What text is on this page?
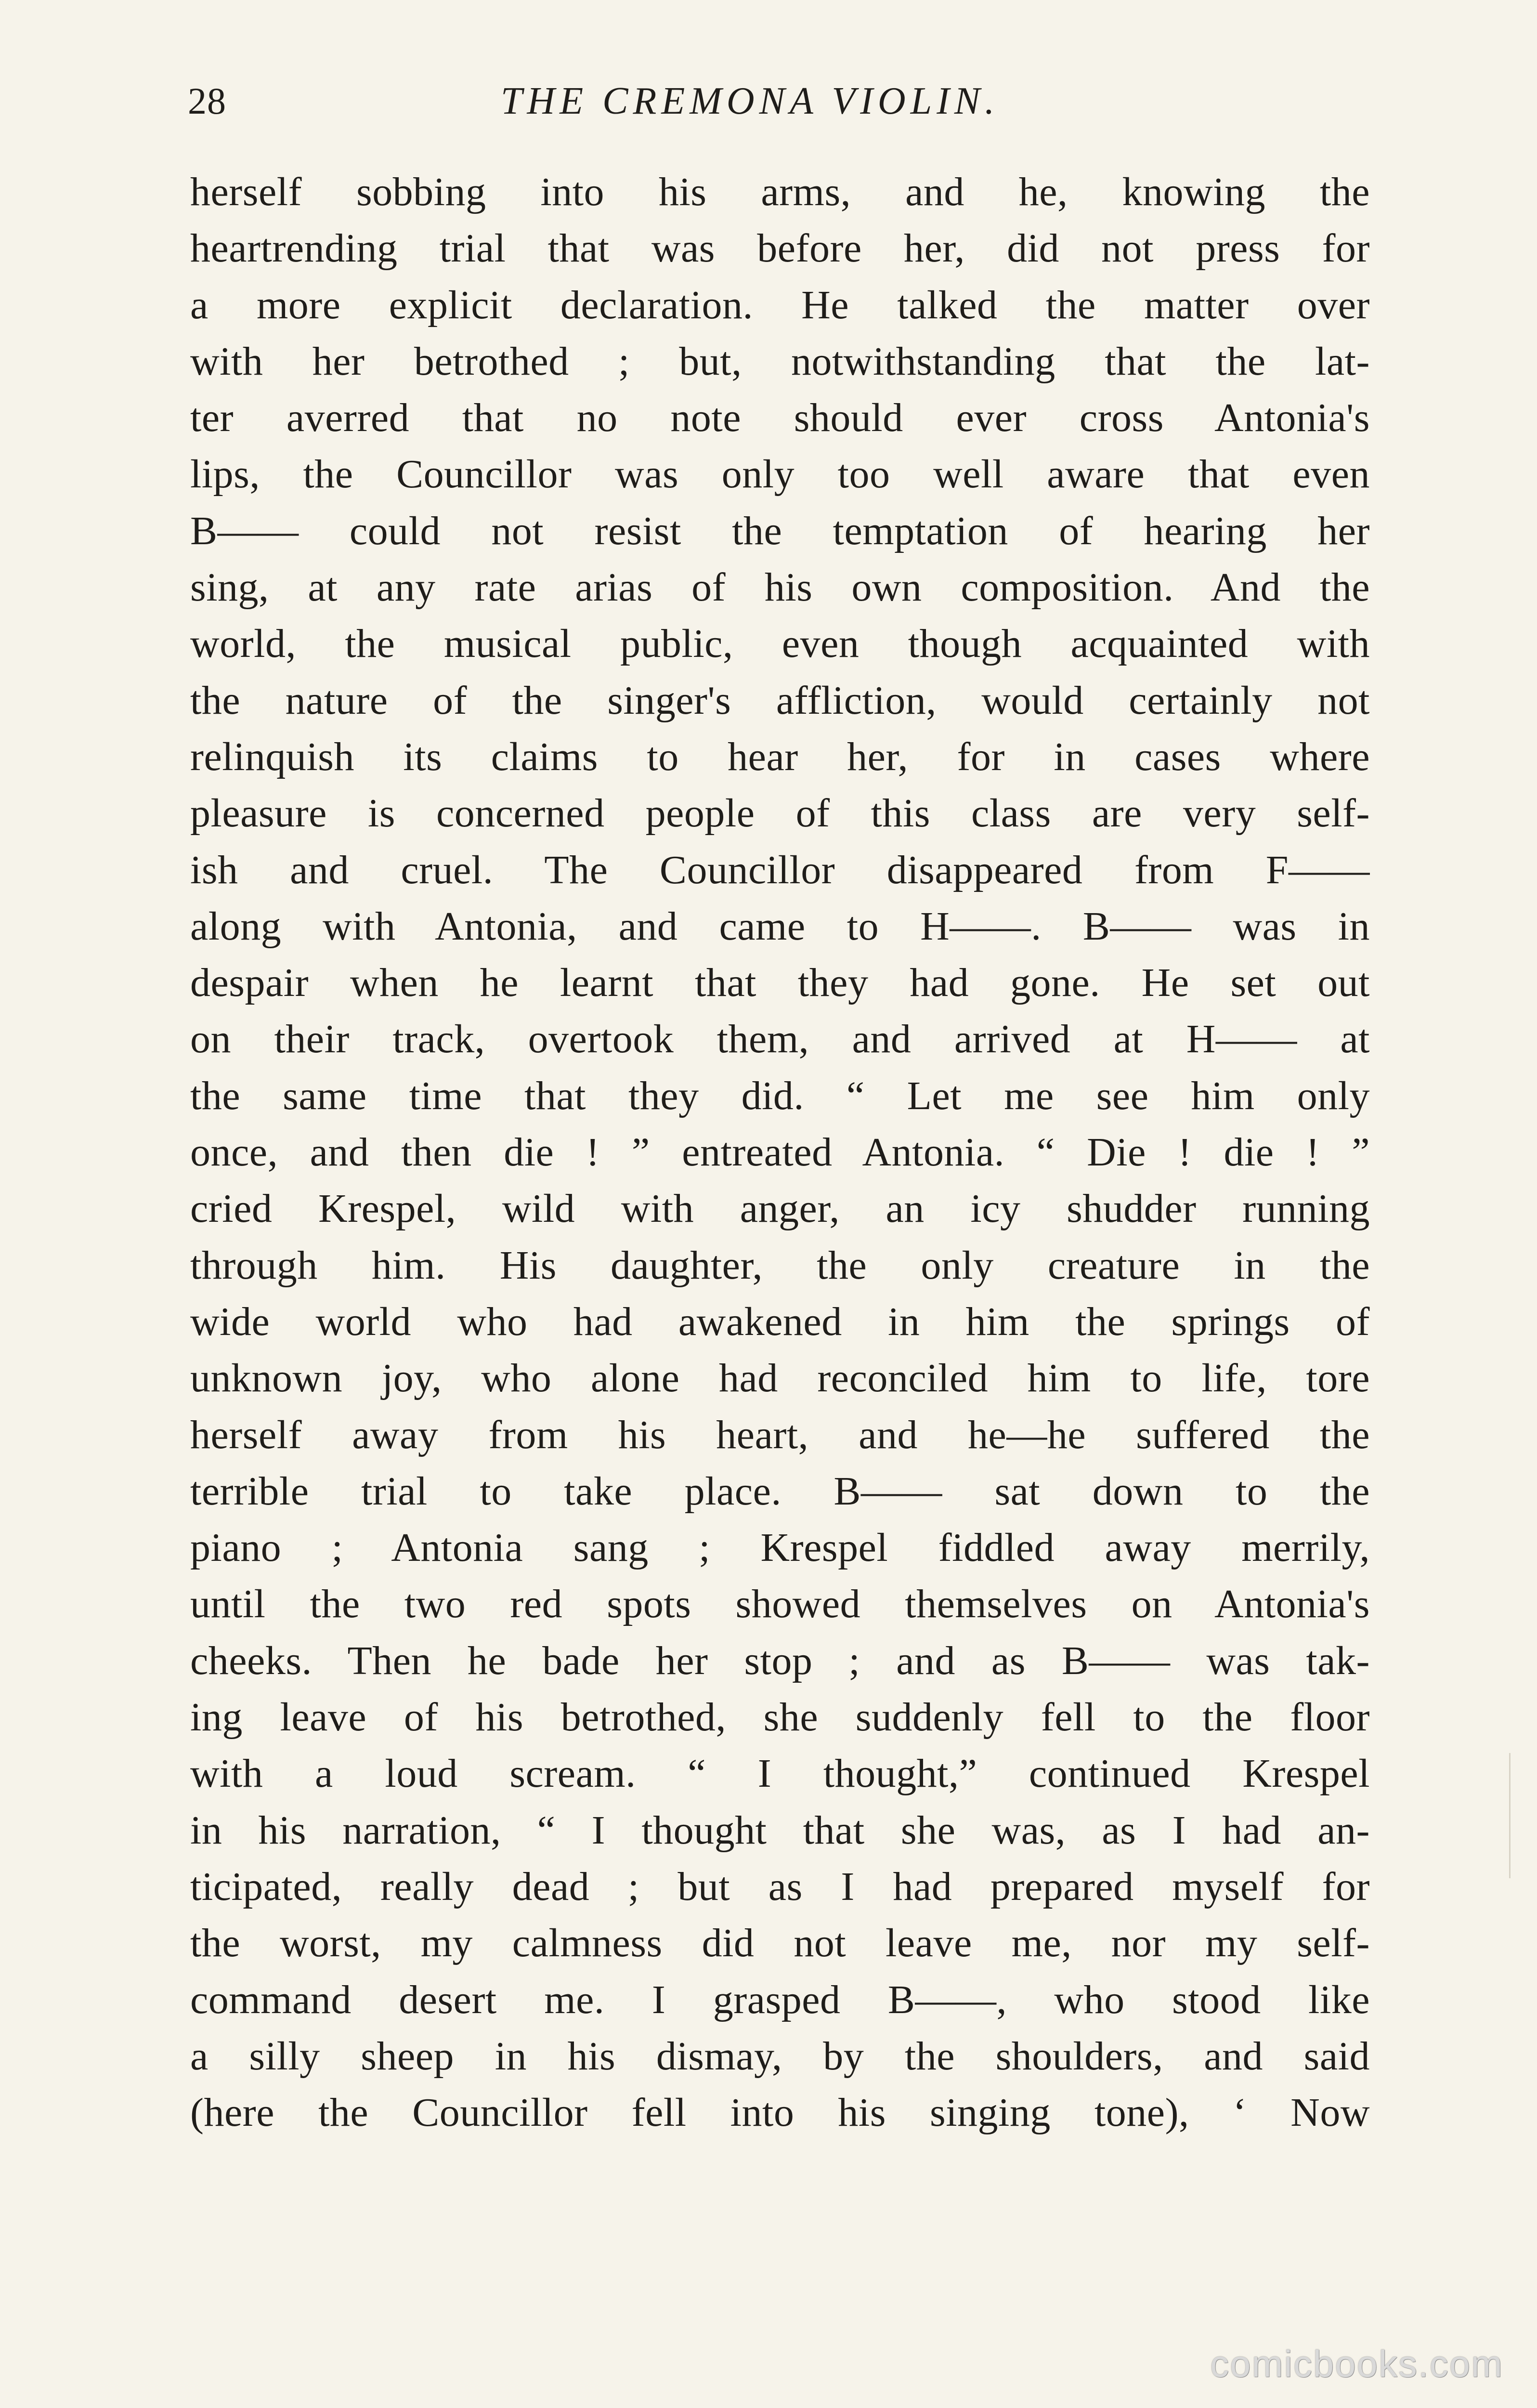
28	THE CREMONA VIOLIN.
herself sobbing into his arms, and he, knowing the
heartrending trial that was before her, did not press for
a more explicit declaration. He talked the matter over
with her betrothed ; but, notwithstanding that the lat-
ter averred that no note should ever cross Antonia's
lips, the Councillor was only too well aware that even
B—— could not resist the temptation of hearing her
sing, at any rate arias of his own composition. And the
world, the musical public, even though acquainted with
the nature of the singer's affliction, would certainly not
relinquish its claims to hear her, for in cases where
pleasure is concerned people of this class are very self-
ish and cruel. The Councillor disappeared from F——
along with Antonia, and came to H——. B—— was in
despair when he learnt that they had gone. He set out
on their track, overtook them, and arrived at H—— at
the same time that they did. “ Let me see him only
once, and then die ! ” entreated Antonia. “ Die ! die ! ”
cried Krespel, wild with anger, an icy shudder running
through him. His daughter, the only creature in the
wide world who had awakened in him the springs of
unknown joy, who alone had reconciled him to life, tore
herself away from his heart, and he—he suffered the
terrible trial to take place. B—— sat down to the
piano ; Antonia sang ; Krespel fiddled away merrily,
until the two red spots showed themselves on Antonia's
cheeks. Then he bade her stop ; and as B—— was tak-
ing leave of his betrothed, she suddenly fell to the floor
with a loud scream. “ I thought,” continued Krespel
in his narration, “ I thought that she was, as I had an-
ticipated, really dead ; but as I had prepared myself for
the worst, my calmness did not leave me, nor my self-
command desert me. I grasped B——, who stood like
a silly sheep in his dismay, by the shoulders, and said
(here the Councillor fell into his singing tone), ‘ Now
comicbooks.com
